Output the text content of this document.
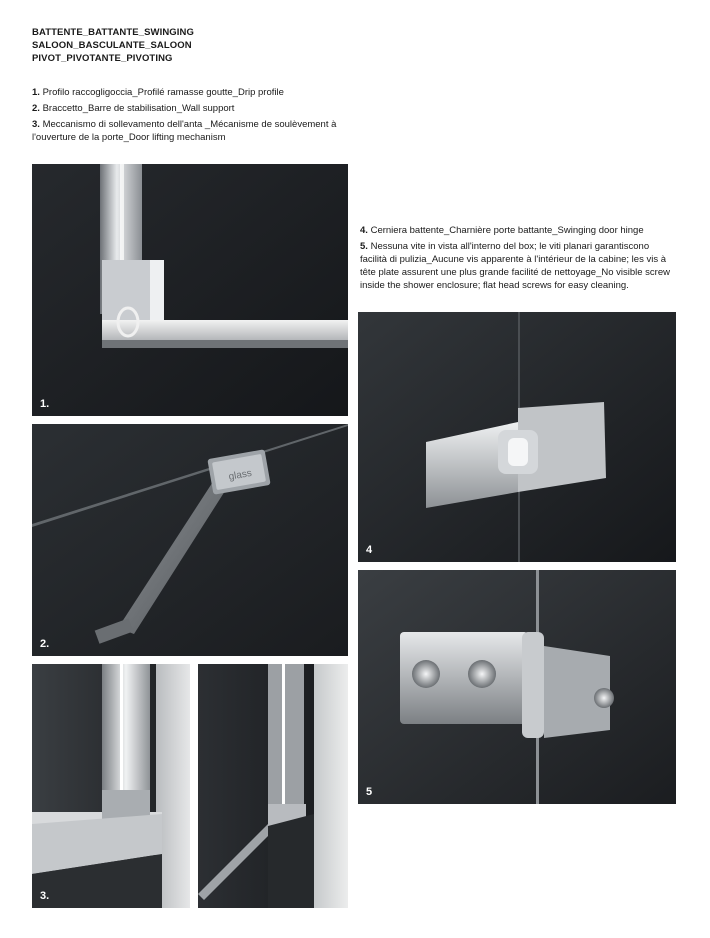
BATTENTE_BATTANTE_SWINGING
SALOON_BASCULANTE_SALOON
PIVOT_PIVOTANTE_PIVOTING

1. Profilo raccogligoccia_Profilé ramasse goutte_Drip profile

2. Braccetto_Barre de stabilisation_Wall support

3. Meccanismo di sollevamento dell'anta _Mécanisme de soulèvement à l'ouverture de la porte_Door lifting mechanism

4. Cerniera battente_Charnière porte battante_Swinging door hinge

5. Nessuna vite in vista all'interno del box; le viti planari garantiscono facilità di pulizia_Aucune vis apparente à l'intérieur de la cabine; les vis à tête plate assurent une plus grande facilité de nettoyage_No visible screw inside the shower enclosure; flat head screws for easy cleaning.

1.
glass
2.
3.
4
5
